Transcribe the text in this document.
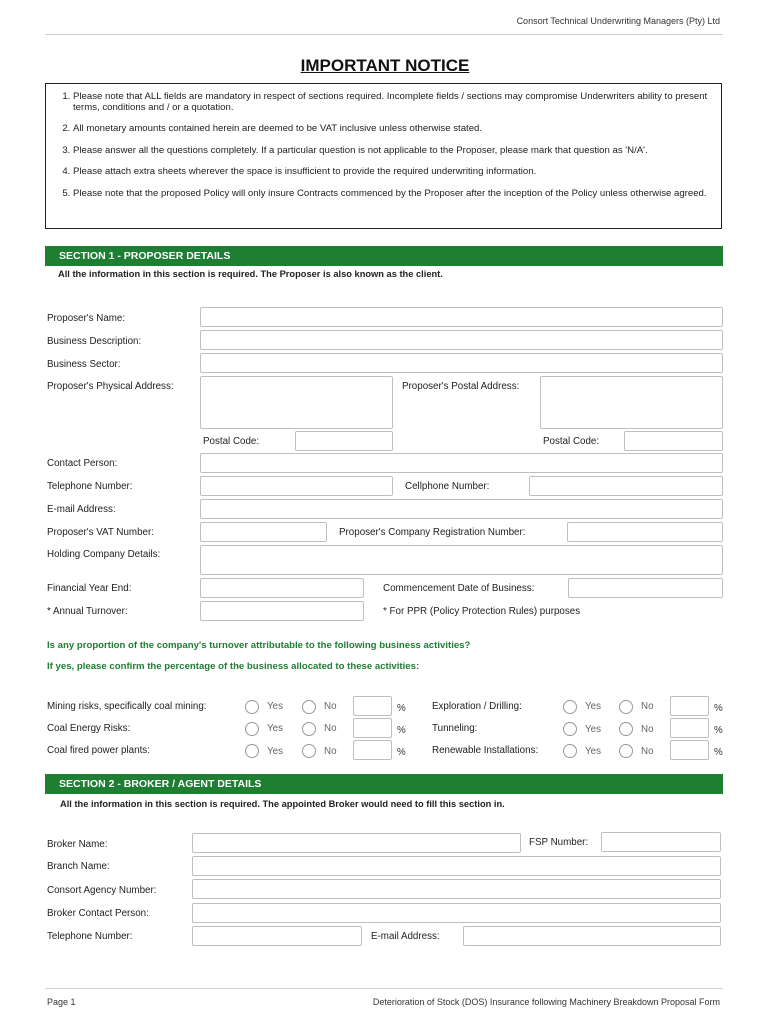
Consort Technical Underwriting Managers (Pty) Ltd
IMPORTANT NOTICE
1. Please note that ALL fields are mandatory in respect of sections required. Incomplete fields / sections may compromise Underwriters ability to present terms, conditions and / or a quotation.
2. All monetary amounts contained herein are deemed to be VAT inclusive unless otherwise stated.
3. Please answer all the questions completely. If a particular question is not applicable to the Proposer, please mark that question as 'N/A'.
4. Please attach extra sheets wherever the space is insufficient to provide the required underwriting information.
5. Please note that the proposed Policy will only insure Contracts commenced by the Proposer after the inception of the Policy unless otherwise agreed.
SECTION 1 - PROPOSER DETAILS
All the information in this section is required. The Proposer is also known as the client.
Proposer's Name:
Business Description:
Business Sector:
Proposer's Physical Address:	Proposer's Postal Address:
Postal Code:	Postal Code:
Contact Person:
Telephone Number:	Cellphone Number:
E-mail Address:
Proposer's VAT Number:	Proposer's Company Registration Number:
Holding Company Details:
Financial Year End:	Commencement Date of Business:
* Annual Turnover:	* For PPR (Policy Protection Rules) purposes
Is any proportion of the company's turnover attributable to the following business activities?
If yes, please confirm the percentage of the business allocated to these activities:
Mining risks, specifically coal mining:	Yes	No	%
Coal Energy Risks:	Yes	No	%
Coal fired power plants:	Yes	No	%
Exploration / Drilling:	Yes	No	%
Tunneling:	Yes	No	%
Renewable Installations:	Yes	No	%
SECTION 2 - BROKER / AGENT DETAILS
All the information in this section is required. The appointed Broker would need to fill this section in.
Broker Name:	FSP Number:
Branch Name:
Consort Agency Number:
Broker Contact Person:
Telephone Number:	E-mail Address:
Page 1	Deterioration of Stock (DOS) Insurance following Machinery Breakdown Proposal Form
